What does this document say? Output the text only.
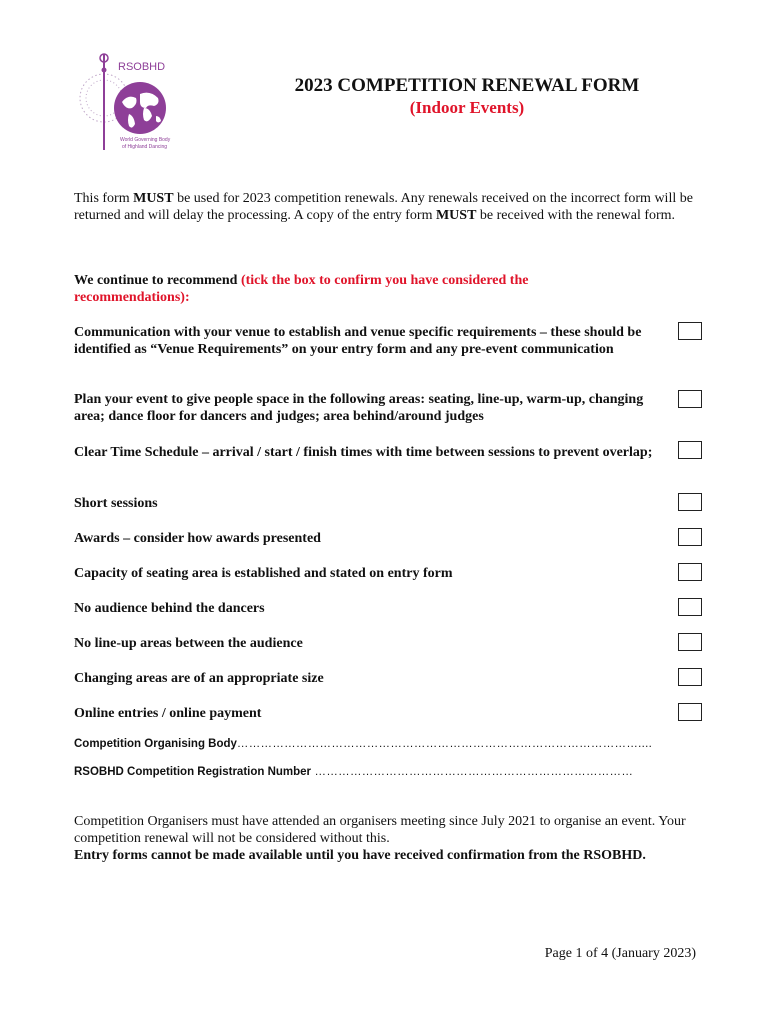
RSOBHD
World Governing Body
of Highland Dancing
2023 COMPETITION RENEWAL FORM
(Indoor Events)
This form MUST be used for 2023 competition renewals. Any renewals received on the incorrect form will be returned and will delay the processing. A copy of the entry form MUST be received with the renewal form.
We continue to recommend (tick the box to confirm you have considered the recommendations):
Communication with your venue to establish and venue specific requirements – these should be identified as “Venue Requirements” on your entry form and any pre-event communication
Plan your event to give people space in the following areas: seating, line-up, warm-up, changing area; dance floor for dancers and judges; area behind/around judges
Clear Time Schedule – arrival / start / finish times with time between sessions to prevent overlap;
Short sessions
Awards – consider how awards presented
Capacity of seating area is established and stated on entry form
No audience behind the dancers
No line-up areas between the audience
Changing areas are of an appropriate size
Online entries / online payment
Competition Organising Body…………………………………………………………………………………………....
RSOBHD Competition Registration Number ………………………………………………………………………
Competition Organisers must have attended an organisers meeting since July 2021 to organise an event. Your competition renewal will not be considered without this.
Entry forms cannot be made available until you have received confirmation from the RSOBHD.
Page 1 of 4 (January 2023)
